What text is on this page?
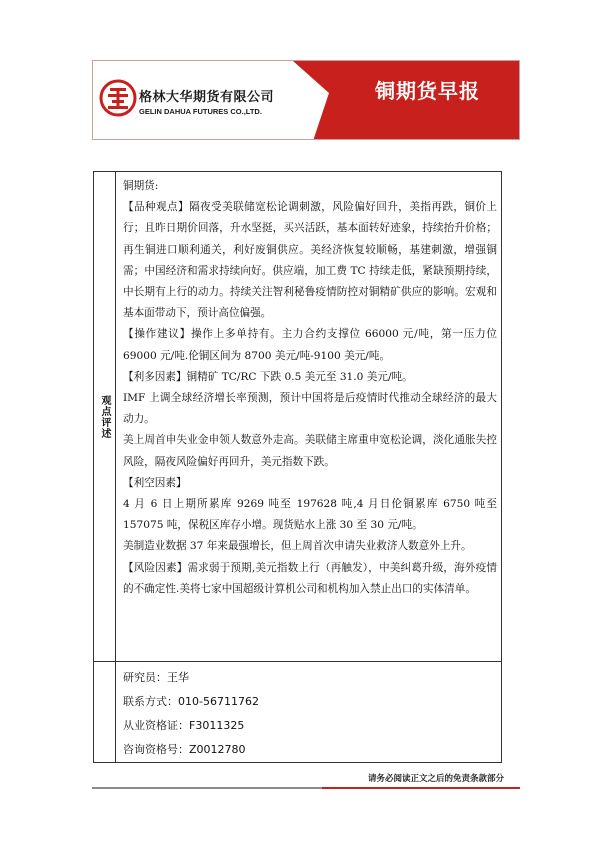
格林大华期货有限公司
GELIN DAHUA FUTURES CO.,LTD.
铜期货早报
观点评述

铜期货:

【品种观点】隔夜受美联储宽松论调刺激，风险偏好回升，美指再跌，铜价上行；且昨日期价回落，升水坚挺，买兴活跃，基本面转好迹象，持续抬升价格；再生铜进口顺利通关，利好废铜供应。美经济恢复较顺畅，基建刺激，增强铜需；中国经济和需求持续向好。供应端，加工费 TC 持续走低，紧缺预期持续，中长期有上行的动力。持续关注智利秘鲁疫情防控对铜精矿供应的影响。宏观和基本面带动下，预计高位偏强。

【操作建议】操作上多单持有。主力合约支撑位 66000 元/吨，第一压力位 69000 元/吨.伦铜区间为 8700 美元/吨-9100 美元/吨。

【利多因素】铜精矿 TC/RC 下跌 0.5 美元至 31.0 美元/吨。

IMF 上调全球经济增长率预测，预计中国将是后疫情时代推动全球经济的最大动力。

美上周首申失业金申领人数意外走高。美联储主席重申宽松论调，淡化通胀失控风险，隔夜风险偏好再回升，美元指数下跌。

【利空因素】

4 月 6 日上期所累库 9269 吨至 197628 吨,4 月日伦铜累库 6750 吨至 157075 吨，保税区库存小增。现货贴水上涨 30 至 30 元/吨。

美制造业数据 37 年来最强增长，但上周首次申请失业救济人数意外上升。

【风险因素】需求弱于预期,美元指数上行（再触发），中美纠葛升级，海外疫情的不确定性.美将七家中国超级计算机公司和机构加入禁止出口的实体清单。

研究员：王华
联系方式：010-56711762
从业资格证：F3011325
咨询资格号：Z0012780
请务必阅读正文之后的免责条款部分
